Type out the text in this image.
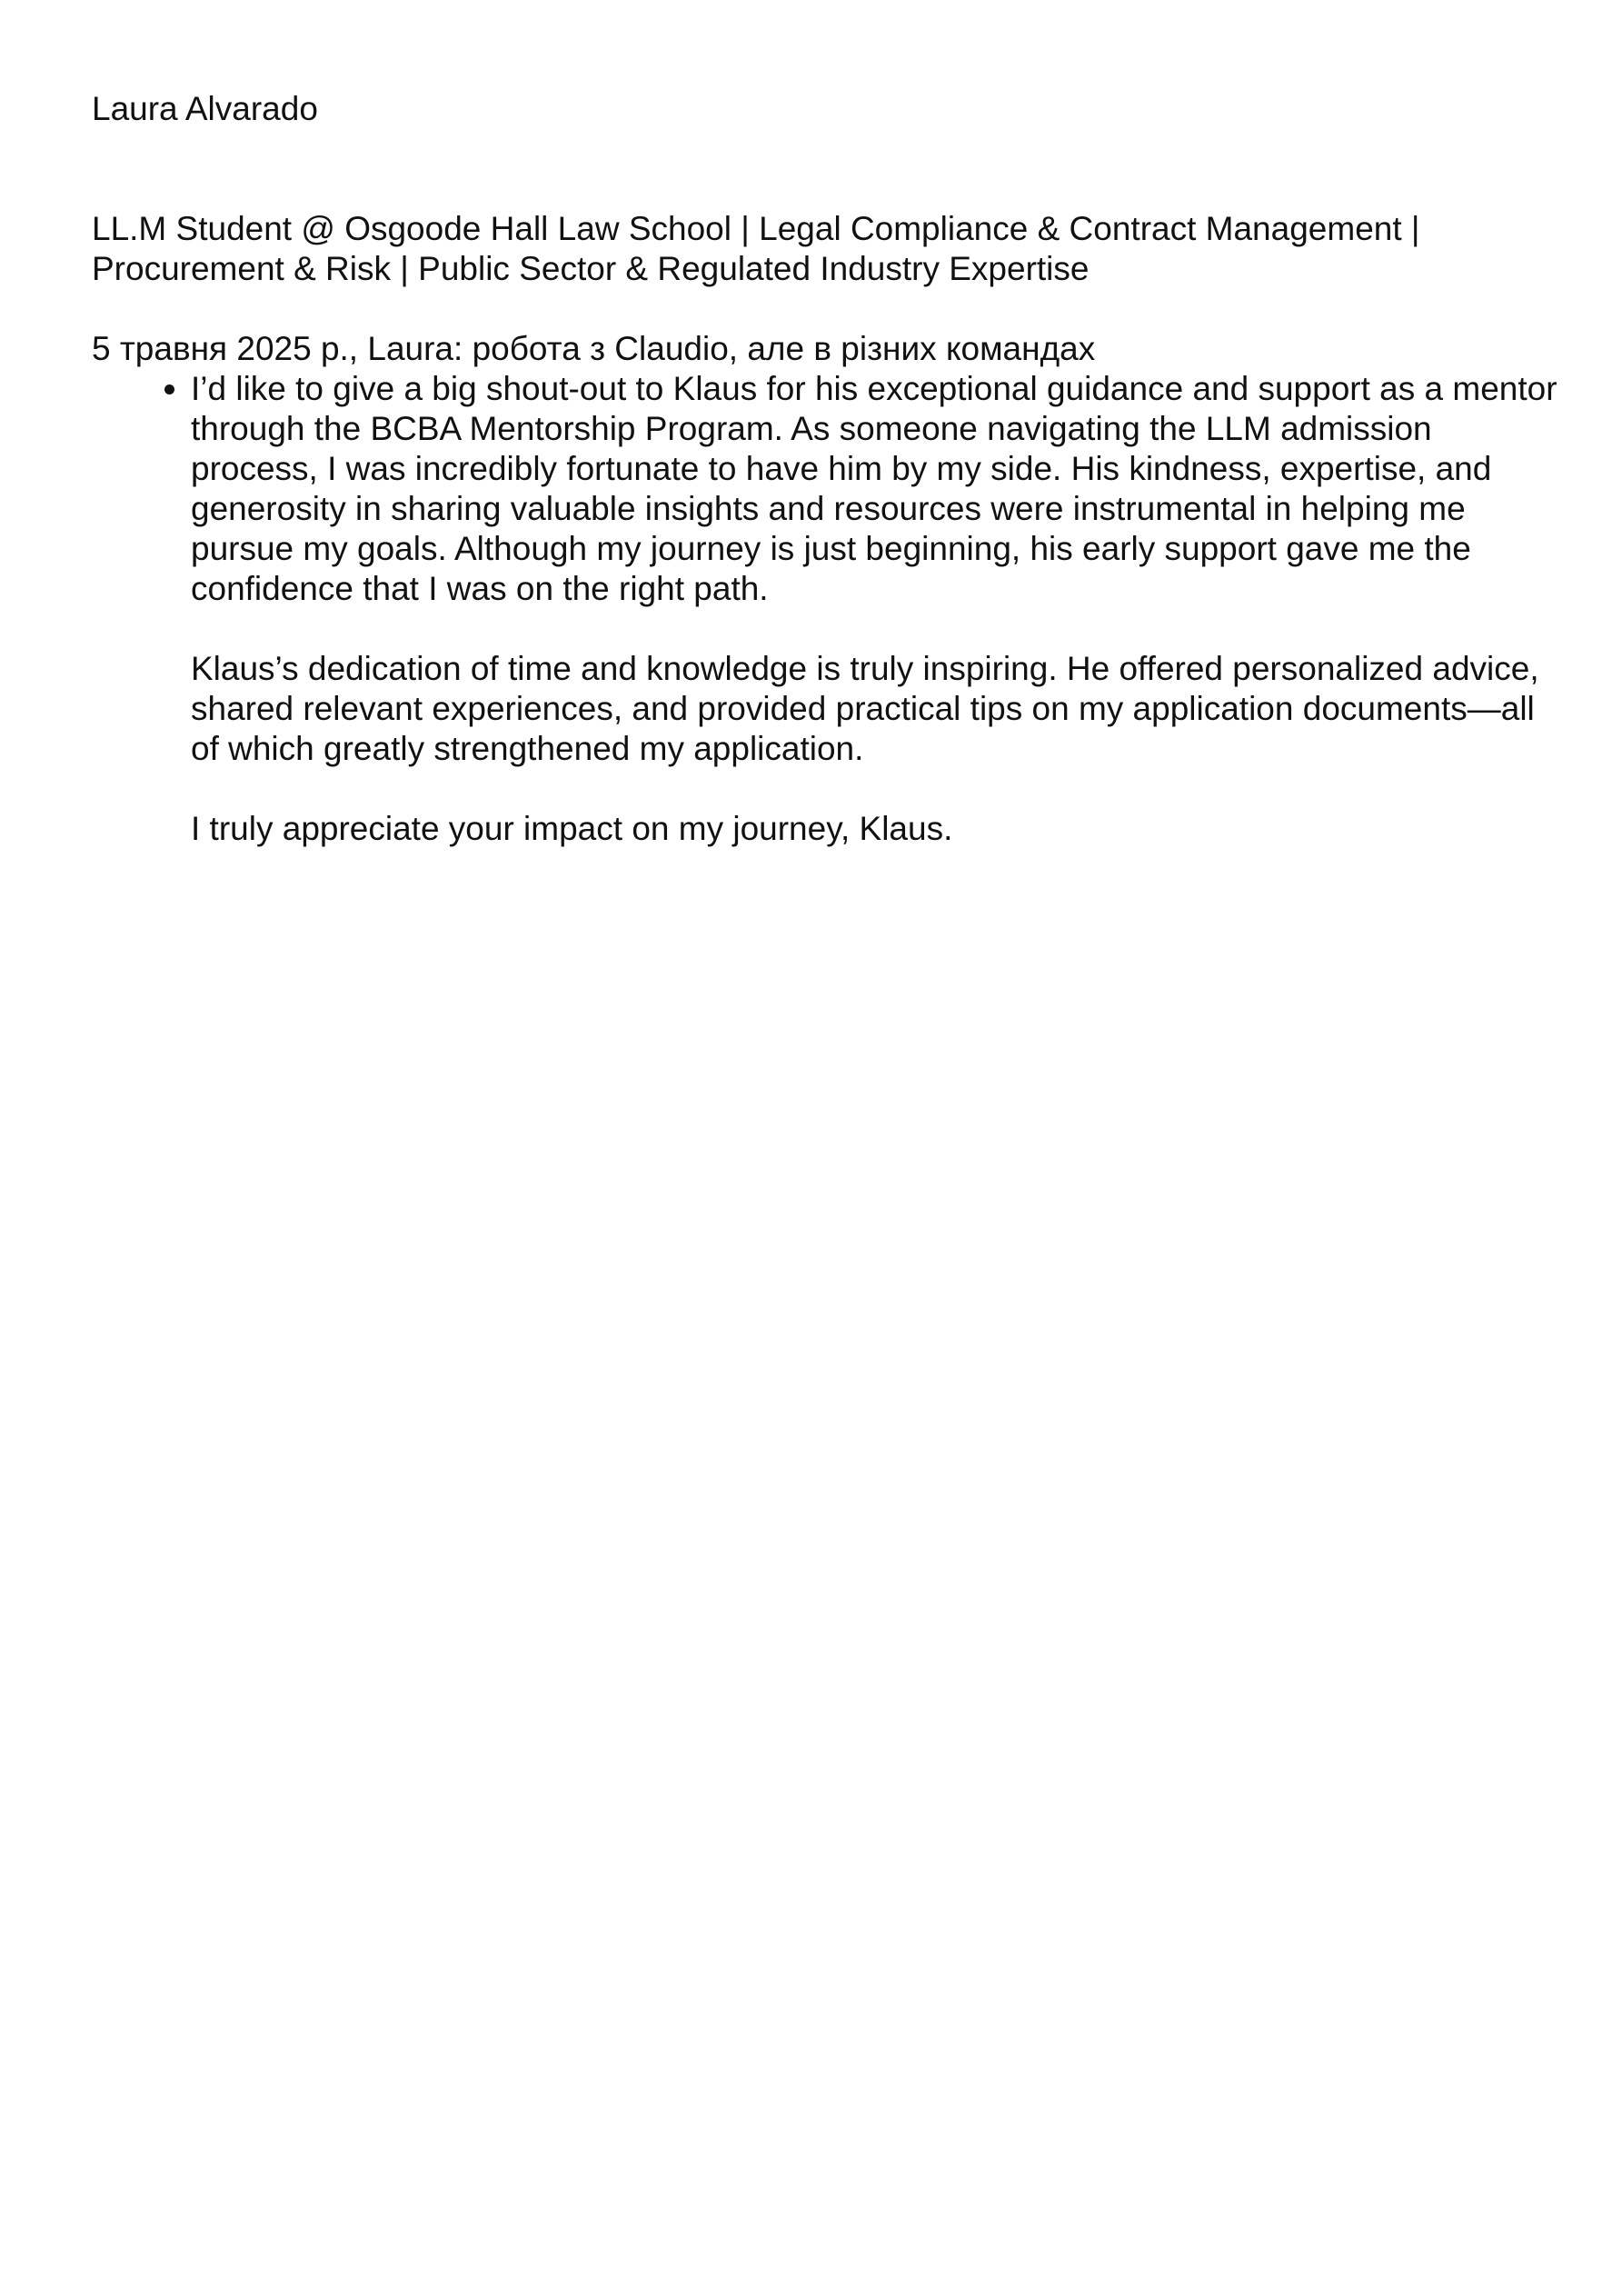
Laura Alvarado

LL.M Student @ Osgoode Hall Law School | Legal Compliance & Contract Management | Procurement & Risk | Public Sector & Regulated Industry Expertise

5 травня 2025 р., Laura: робота з Claudio, але в різних командах

• I’d like to give a big shout-out to Klaus for his exceptional guidance and support as a mentor through the BCBA Mentorship Program. As someone navigating the LLM admission process, I was incredibly fortunate to have him by my side. His kindness, expertise, and generosity in sharing valuable insights and resources were instrumental in helping me pursue my goals. Although my journey is just beginning, his early support gave me the confidence that I was on the right path.

Klaus’s dedication of time and knowledge is truly inspiring. He offered personalized advice, shared relevant experiences, and provided practical tips on my application documents—all of which greatly strengthened my application.

I truly appreciate your impact on my journey, Klaus.
